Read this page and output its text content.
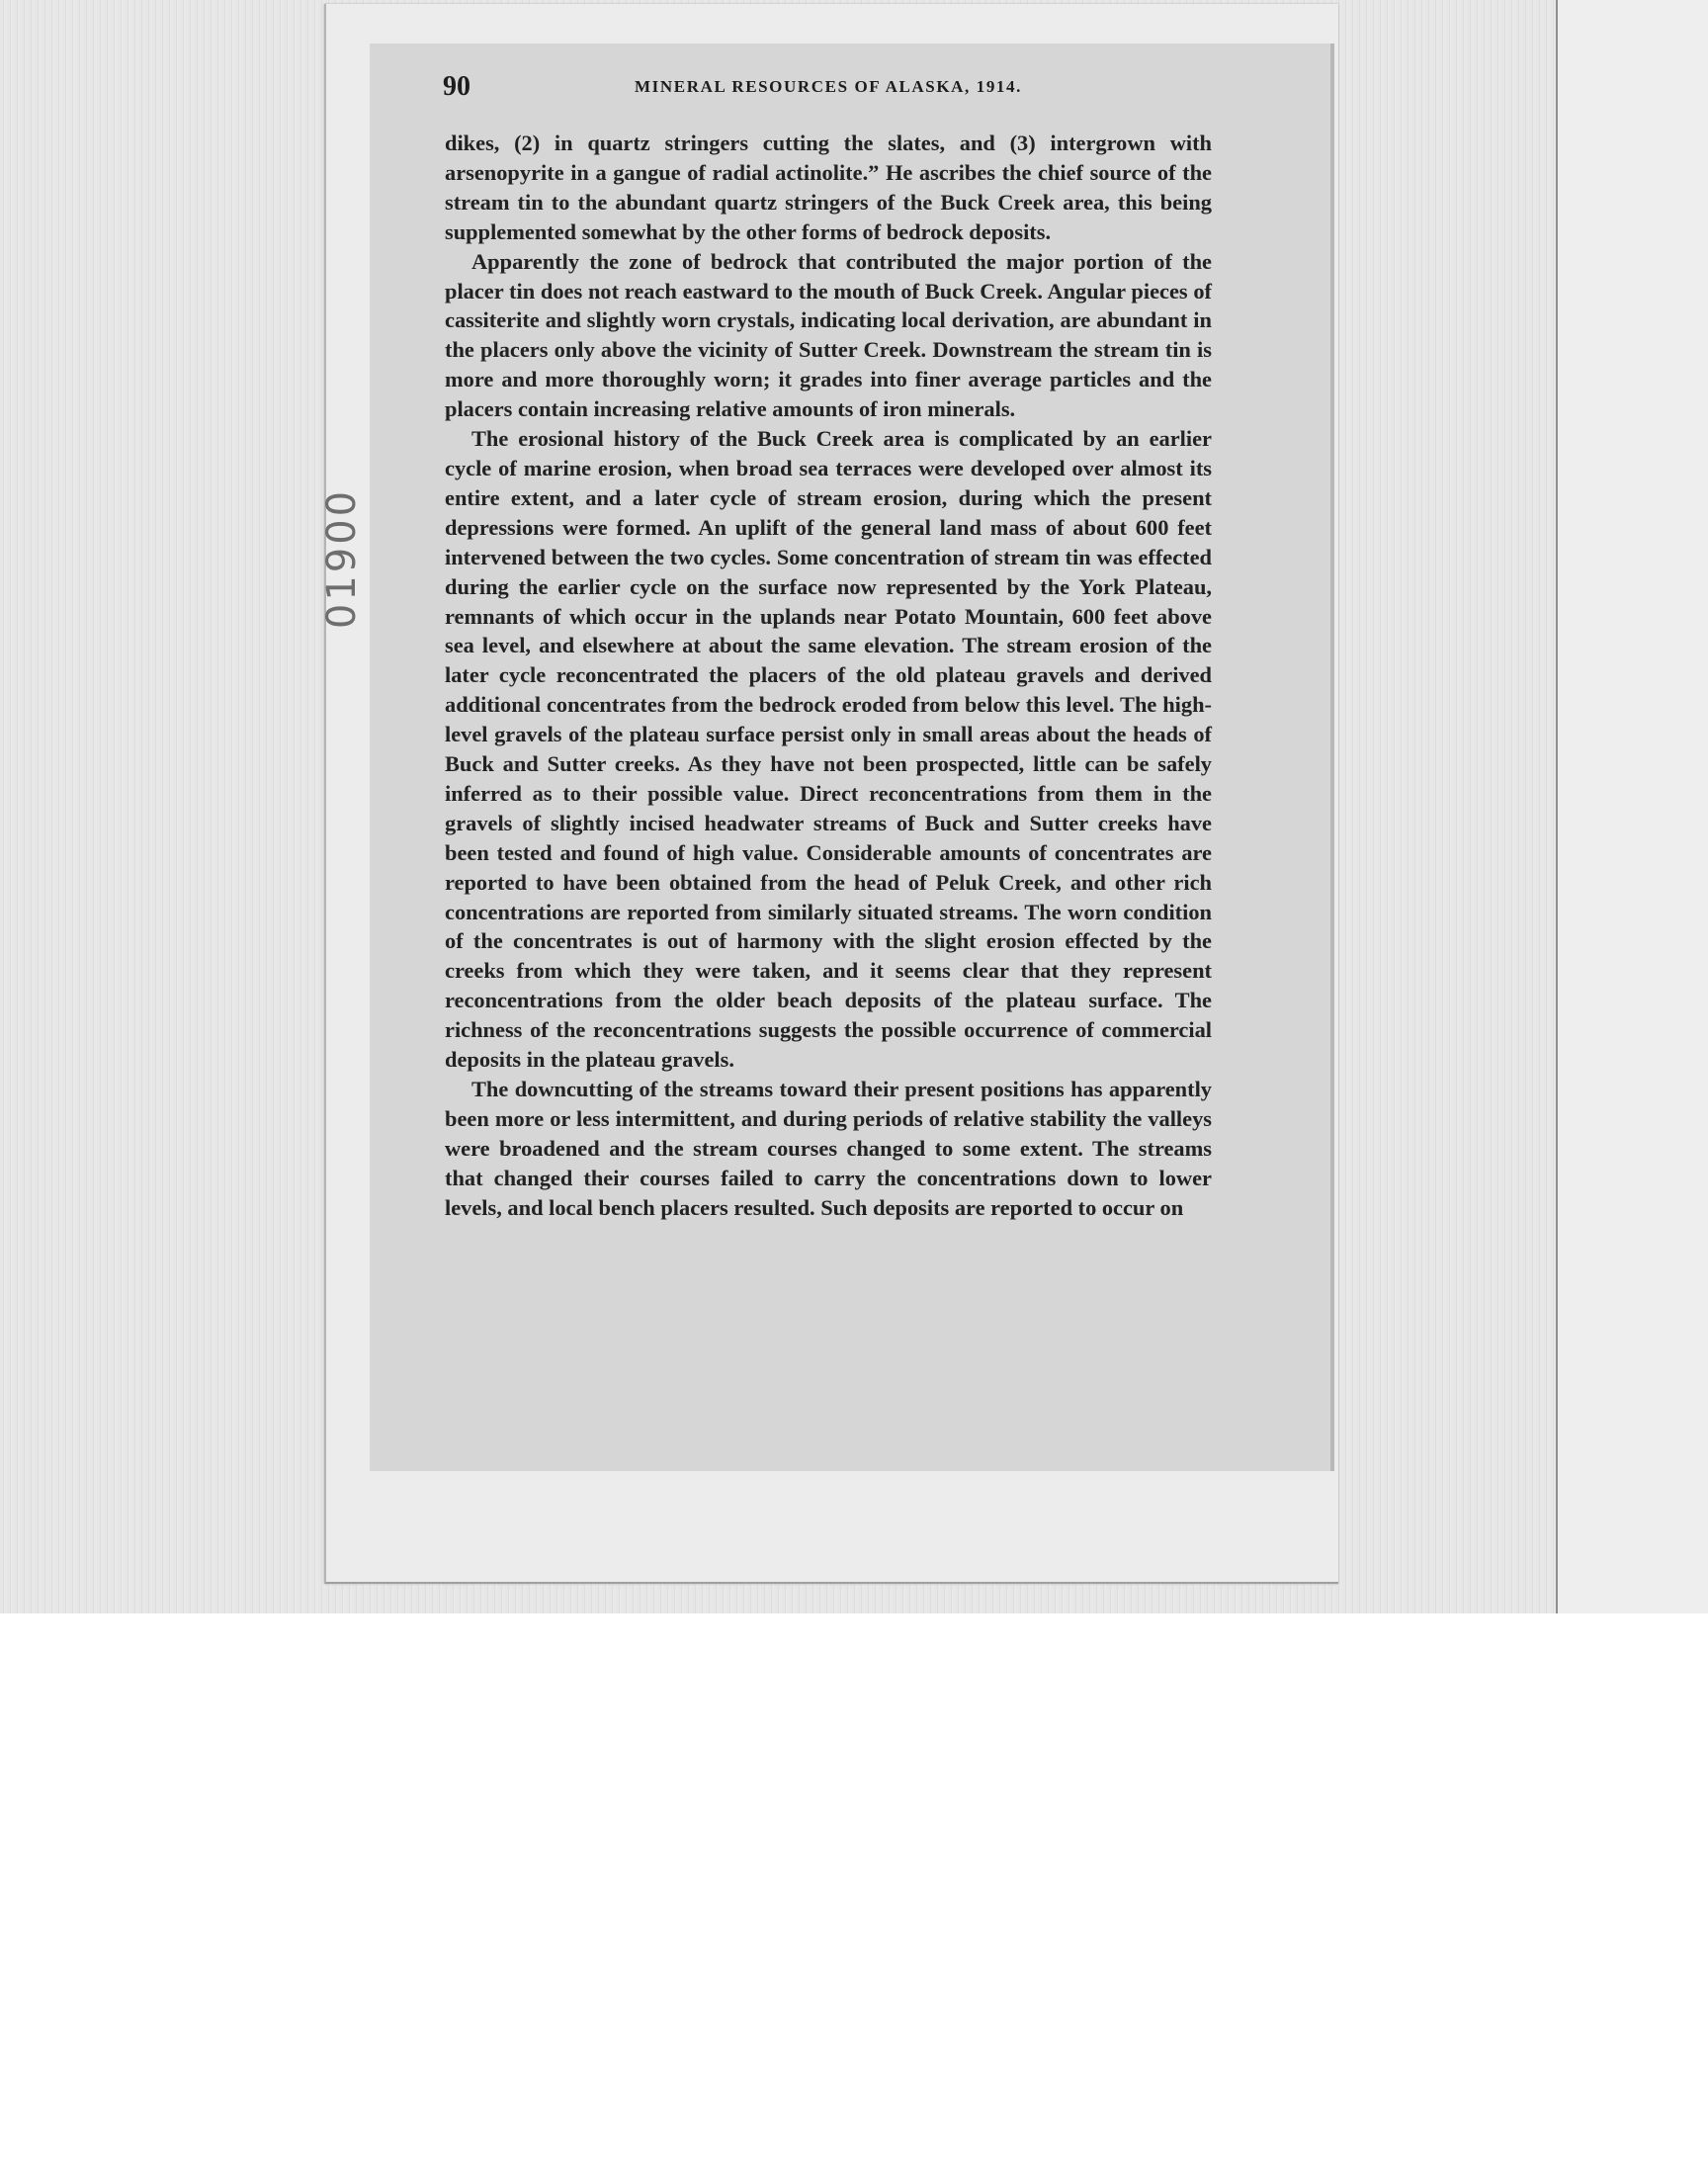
01900
90	MINERAL RESOURCES OF ALASKA, 1914.

dikes, (2) in quartz stringers cutting the slates, and (3) intergrown with arsenopyrite in a gangue of radial actinolite.” He ascribes the chief source of the stream tin to the abundant quartz stringers of the Buck Creek area, this being supplemented somewhat by the other forms of bedrock deposits.

Apparently the zone of bedrock that contributed the major portion of the placer tin does not reach eastward to the mouth of Buck Creek. Angular pieces of cassiterite and slightly worn crystals, indicating local derivation, are abundant in the placers only above the vicinity of Sutter Creek. Downstream the stream tin is more and more thoroughly worn; it grades into finer average particles and the placers contain increasing relative amounts of iron minerals.

The erosional history of the Buck Creek area is complicated by an earlier cycle of marine erosion, when broad sea terraces were developed over almost its entire extent, and a later cycle of stream erosion, during which the present depressions were formed. An uplift of the general land mass of about 600 feet intervened between the two cycles. Some concentration of stream tin was effected during the earlier cycle on the surface now represented by the York Plateau, remnants of which occur in the uplands near Potato Mountain, 600 feet above sea level, and elsewhere at about the same elevation. The stream erosion of the later cycle reconcentrated the placers of the old plateau gravels and derived additional concentrates from the bedrock eroded from below this level. The high-level gravels of the plateau surface persist only in small areas about the heads of Buck and Sutter creeks. As they have not been prospected, little can be safely inferred as to their possible value. Direct reconcentrations from them in the gravels of slightly incised headwater streams of Buck and Sutter creeks have been tested and found of high value. Considerable amounts of concentrates are reported to have been obtained from the head of Peluk Creek, and other rich concentrations are reported from similarly situated streams. The worn condition of the concentrates is out of harmony with the slight erosion effected by the creeks from which they were taken, and it seems clear that they represent reconcentrations from the older beach deposits of the plateau surface. The richness of the reconcentrations suggests the possible occurrence of commercial deposits in the plateau gravels.

The downcutting of the streams toward their present positions has apparently been more or less intermittent, and during periods of relative stability the valleys were broadened and the stream courses changed to some extent. The streams that changed their courses failed to carry the concentrations down to lower levels, and local bench placers resulted. Such deposits are reported to occur on
